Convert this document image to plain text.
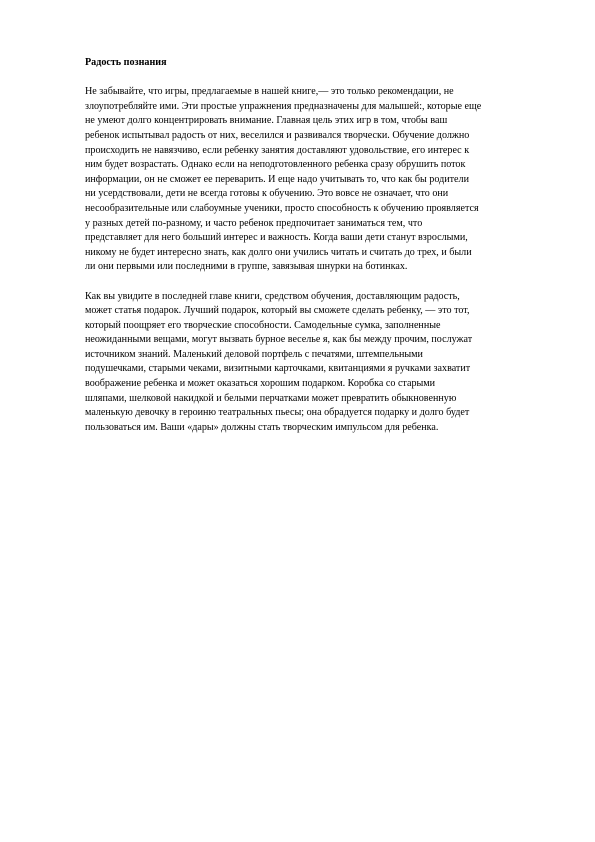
Радость познания
Не забывайте, что игры, предлагаемые в нашей книге,— это только рекомендации, не
злоупотребляйте ими. Эти простые упражнения предназначены для малышей:, которые еще
не умеют долго концентрировать внимание. Главная цель этих игр в том, чтобы ваш
ребенок испытывал радость от них, веселился и развивался творчески. Обучение должно
происходить не навязчиво, если ребенку занятия доставляют удовольствие, его интерес к
ним будет возрастать. Однако если на неподготовленного ребенка сразу обрушить поток
информации, он не сможет ее переварить. И еще надо учитывать то, что как бы родители
ни усердствовали, дети не всегда готовы к обучению. Это вовсе не означает, что они
несообразительные или слабоумные ученики, просто способность к обучению проявляется
у разных детей по-разному, и часто ребенок предпочитает заниматься тем, что
представляет для него больший интерес и важность. Когда ваши дети станут взрослыми,
никому не будет интересно знать, как долго они учились читать и считать до трех, и были
ли они первыми или последними в группе, завязывая шнурки на ботинках.
Как вы увидите в последней главе книги, средством обучения, доставляющим радость,
может статья подарок. Лучший подарок, который вы сможете сделать ребенку, — это тот,
который поощряет его творческие способности. Самодельные сумка, заполненные
неожиданными вещами, могут вызвать бурное веселье я, как бы между прочим, послужат
источником знаний. Маленький деловой портфель с печатями, штемпельными
подушечками, старыми чеками, визитными карточками, квитанциями я ручками захватит
воображение ребенка и может оказаться хорошим подарком. Коробка со старыми
шляпами, шелковой накидкой и белыми перчатками может превратить обыкновенную
маленькую девочку в героиню театральных пьесы; она обрадуется подарку и долго будет
пользоваться им. Ваши «дары» должны стать творческим импульсом для ребенка.
